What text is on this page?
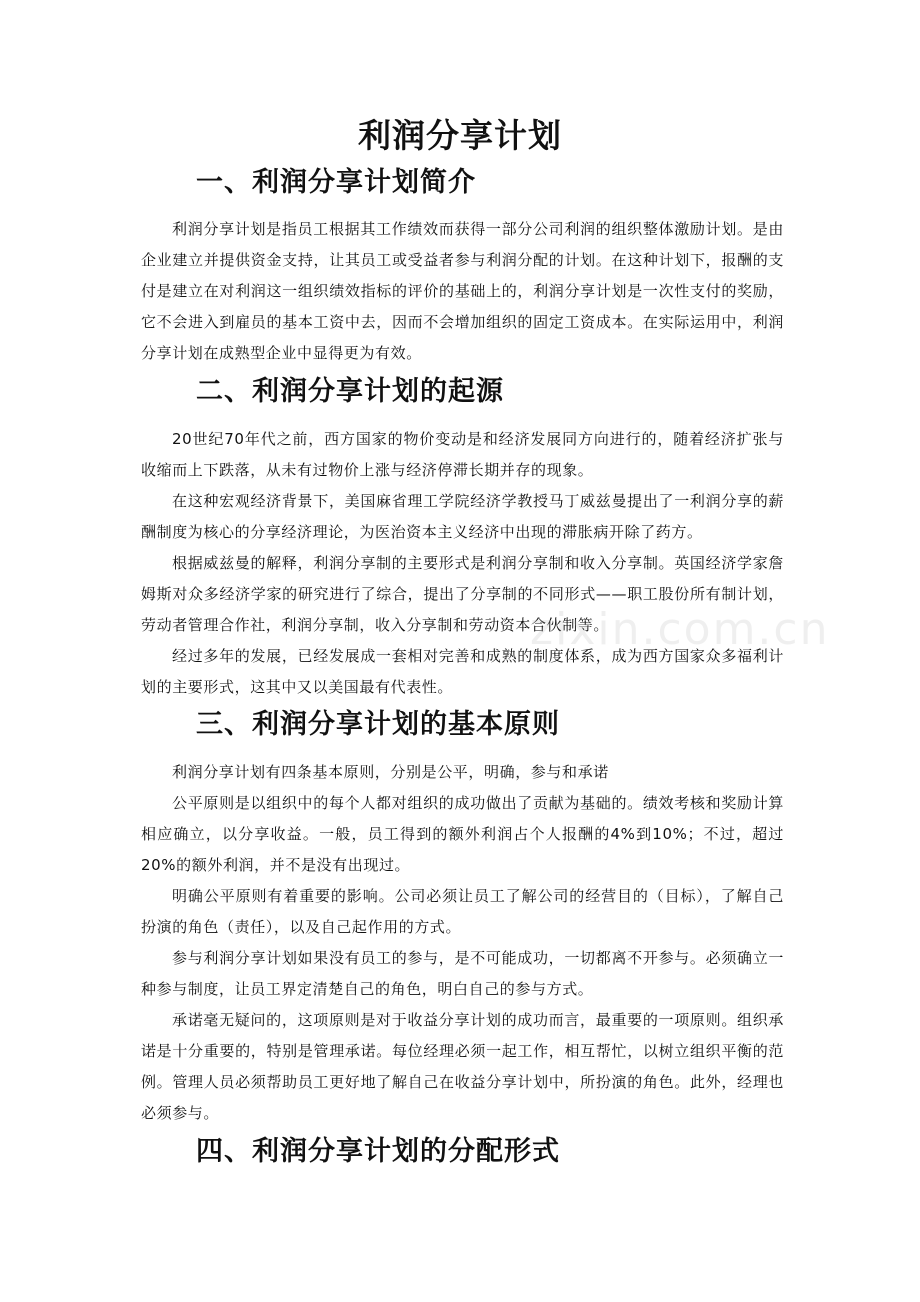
利润分享计划
一、利润分享计划简介

利润分享计划是指员工根据其工作绩效而获得一部分公司利润的组织整体激励计划。是由企业建立并提供资金支持，让其员工或受益者参与利润分配的计划。在这种计划下，报酬的支付是建立在对利润这一组织绩效指标的评价的基础上的，利润分享计划是一次性支付的奖励，它不会进入到雇员的基本工资中去，因而不会增加组织的固定工资成本。在实际运用中，利润分享计划在成熟型企业中显得更为有效。

二、利润分享计划的起源

20世纪70年代之前，西方国家的物价变动是和经济发展同方向进行的，随着经济扩张与收缩而上下跌落，从未有过物价上涨与经济停滞长期并存的现象。

在这种宏观经济背景下，美国麻省理工学院经济学教授马丁威兹曼提出了一利润分享的薪酬制度为核心的分享经济理论，为医治资本主义经济中出现的滞胀病开除了药方。

根据威兹曼的解释，利润分享制的主要形式是利润分享制和收入分享制。英国经济学家詹姆斯对众多经济学家的研究进行了综合，提出了分享制的不同形式——职工股份所有制计划，劳动者管理合作社，利润分享制，收入分享制和劳动资本合伙制等。

经过多年的发展，已经发展成一套相对完善和成熟的制度体系，成为西方国家众多福利计划的主要形式，这其中又以美国最有代表性。

三、利润分享计划的基本原则

利润分享计划有四条基本原则，分别是公平，明确，参与和承诺

公平原则是以组织中的每个人都对组织的成功做出了贡献为基础的。绩效考核和奖励计算相应确立，以分享收益。一般，员工得到的额外利润占个人报酬的4%到10%；不过，超过20%的额外利润，并不是没有出现过。

明确公平原则有着重要的影响。公司必须让员工了解公司的经营目的（目标），了解自己扮演的角色（责任），以及自己起作用的方式。

参与利润分享计划如果没有员工的参与，是不可能成功，一切都离不开参与。必须确立一种参与制度，让员工界定清楚自己的角色，明白自己的参与方式。

承诺毫无疑问的，这项原则是对于收益分享计划的成功而言，最重要的一项原则。组织承诺是十分重要的，特别是管理承诺。每位经理必须一起工作，相互帮忙，以树立组织平衡的范例。管理人员必须帮助员工更好地了解自己在收益分享计划中，所扮演的角色。此外，经理也必须参与。

四、利润分享计划的分配形式
zixin.com.cn
